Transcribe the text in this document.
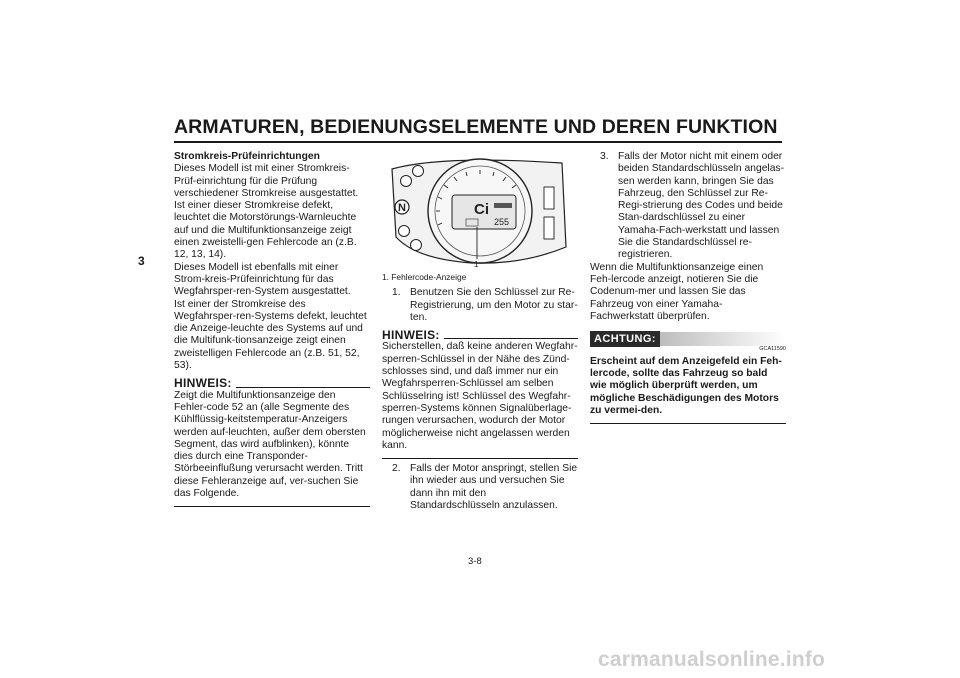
ARMATUREN, BEDIENUNGSELEMENTE UND DEREN FUNKTION
3

Stromkreis-Prüfeinrichtungen

Dieses Modell ist mit einer Stromkreis-Prüf-einrichtung für die Prüfung verschiedener Stromkreise ausgestattet.

Ist einer dieser Stromkreise defekt, leuchtet die Motorstörungs-Warnleuchte auf und die Multifunktionsanzeige zeigt einen zweistelli-gen Fehlercode an (z.B. 12, 13, 14).

Dieses Modell ist ebenfalls mit einer Strom-kreis-Prüfeinrichtung für das Wegfahrsper-ren-System ausgestattet.

Ist einer der Stromkreise des Wegfahrsper-ren-Systems defekt, leuchtet die Anzeige-leuchte des Systems auf und die Multifunk-tionsanzeige zeigt einen zweistelligen Fehlercode an (z.B. 51, 52, 53).

HINWEIS:

Zeigt die Multifunktionsanzeige den Fehler-code 52 an (alle Segmente des Kühlflüssig-keitstemperatur-Anzeigers werden auf-leuchten, außer dem obersten Segment, das wird aufblinken), könnte dies durch eine Transponder-Störbeeinflußung verursacht werden. Tritt diese Fehleranzeige auf, ver-suchen Sie das Folgende.

Ci
255
N
1

1. Fehlercode-Anzeige

1. Benutzen Sie den Schlüssel zur Re-Registrierung, um den Motor zu star-ten.
HINWEIS:

Sicherstellen, daß keine anderen Wegfahr-sperren-Schlüssel in der Nähe des Zünd-schlosses sind, und daß immer nur ein Wegfahrsperren-Schlüssel am selben Schlüsselring ist! Schlüssel des Wegfahr-sperren-Systems können Signalüberlage-rungen verursachen, wodurch der Motor möglicherweise nicht angelassen werden kann.

2. Falls der Motor anspringt, stellen Sie ihn wieder aus und versuchen Sie dann ihn mit den Standardschlüsseln anzulassen.
3. Falls der Motor nicht mit einem oder beiden Standardschlüsseln angelas-sen werden kann, bringen Sie das Fahrzeug, den Schlüssel zur Re-Regi-strierung des Codes und beide Stan-dardschlüssel zu einer Yamaha-Fach-werkstatt und lassen Sie die Standardschlüssel re-registrieren.

Wenn die Multifunktionsanzeige einen Feh-lercode anzeigt, notieren Sie die Codenum-mer und lassen Sie das Fahrzeug von einer Yamaha-Fachwerkstatt überprüfen.

ACHTUNG:
GCA11590

Erscheint auf dem Anzeigefeld ein Feh-lercode, sollte das Fahrzeug so bald wie möglich überprüft werden, um mögliche Beschädigungen des Motors zu vermei-den.

3-8
carmanualsonline.info
